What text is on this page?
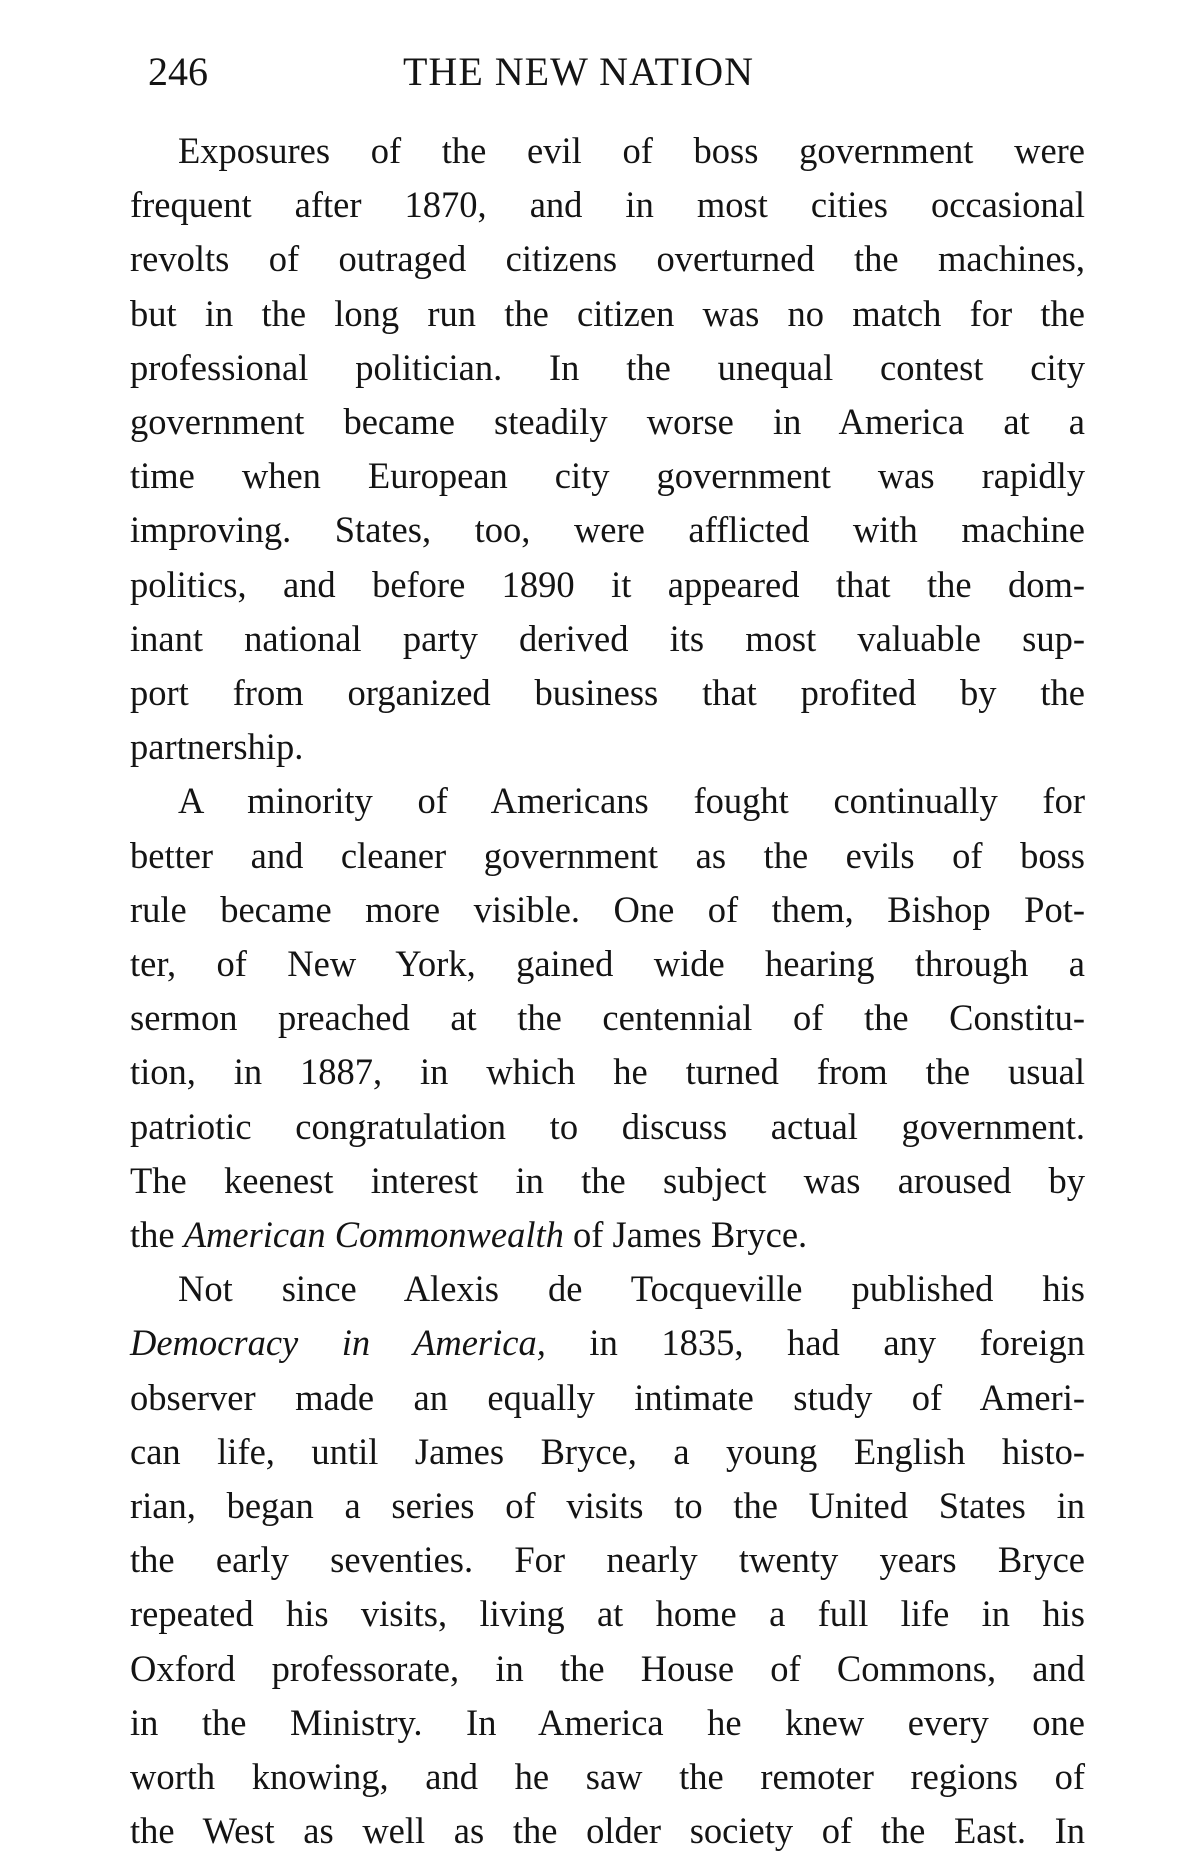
246	THE NEW NATION

Exposures of the evil of boss government were
frequent after 1870, and in most cities occasional
revolts of outraged citizens overturned the machines,
but in the long run the citizen was no match for the
professional politician. In the unequal contest city
government became steadily worse in America at a
time when European city government was rapidly
improving. States, too, were afflicted with machine
politics, and before 1890 it appeared that the dom-
inant national party derived its most valuable sup-
port from organized business that profited by the
partnership.

A minority of Americans fought continually for
better and cleaner government as the evils of boss
rule became more visible. One of them, Bishop Pot-
ter, of New York, gained wide hearing through a
sermon preached at the centennial of the Constitu-
tion, in 1887, in which he turned from the usual
patriotic congratulation to discuss actual government.
The keenest interest in the subject was aroused by
the American Commonwealth of James Bryce.

Not since Alexis de Tocqueville published his
Democracy in America, in 1835, had any foreign
observer made an equally intimate study of Ameri-
can life, until James Bryce, a young English histo-
rian, began a series of visits to the United States in
the early seventies. For nearly twenty years Bryce
repeated his visits, living at home a full life in his
Oxford professorate, in the House of Commons, and
in the Ministry. In America he knew every one
worth knowing, and he saw the remoter regions of
the West as well as the older society of the East. In
